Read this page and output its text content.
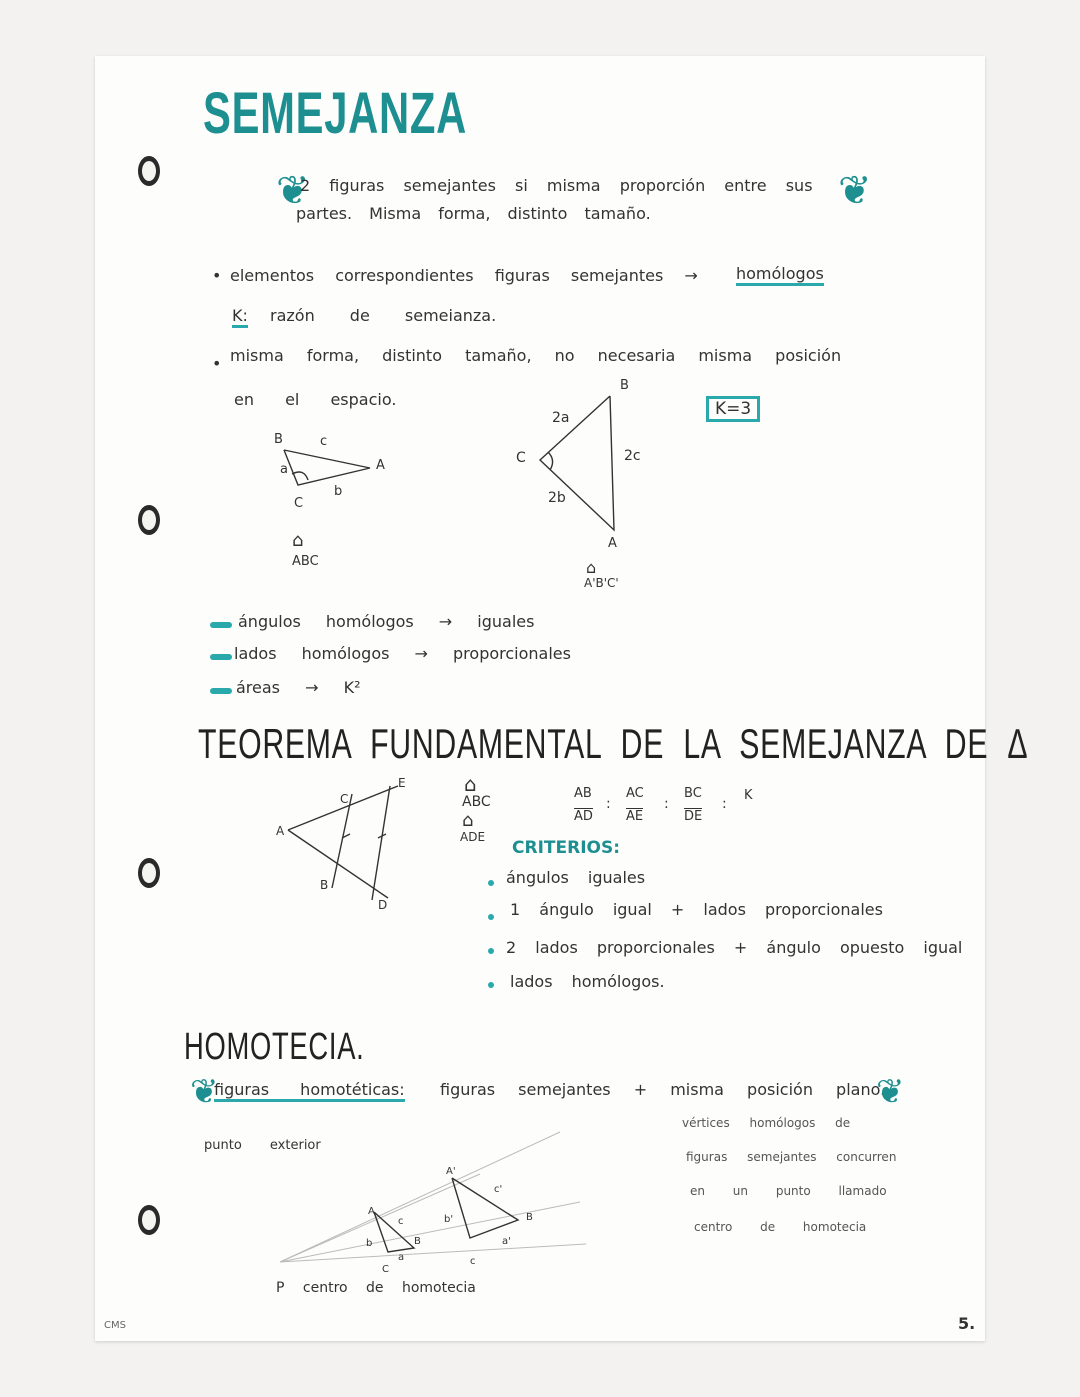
SEMEJANZA
❦	❦
2 figuras semejantes si misma proporción entre sus
partes. Misma forma, distinto tamaño.
• elementos correspondientes figuras semejantes → homólogos
K: razón de semeianza.
• misma forma, distinto tamaño, no necesaria misma posición
en el espacio.	K=3
B	c
A
a
b
C
⌂
ABC
B
2a
C	2c
2b
A
⌂
A'B'C'
ángulos homólogos → iguales
lados homólogos → proporcionales
áreas → K²
TEOREMA FUNDAMENTAL DE LA SEMEJANZA DE Δ
C
E
A
B
D
⌂
ABC
⌂
ADE
AB
AD
:
AC
AE
:
BC
DE
:
K
CRITERIOS:
ángulos iguales
1 ángulo igual + lados proporcionales
2 lados proporcionales + ángulo opuesto igual
lados homólogos.
HOMOTECIA.
❦
figuras homotéticas: figuras semejantes + misma posición plano.
❦
punto exterior
vértices homólogos de
figuras semejantes concurren
en un punto llamado
centro de homotecia
A
c
b	B
a
C
A'
c'
b'	B
a'
c
P centro de homotecia
CMS	5.
